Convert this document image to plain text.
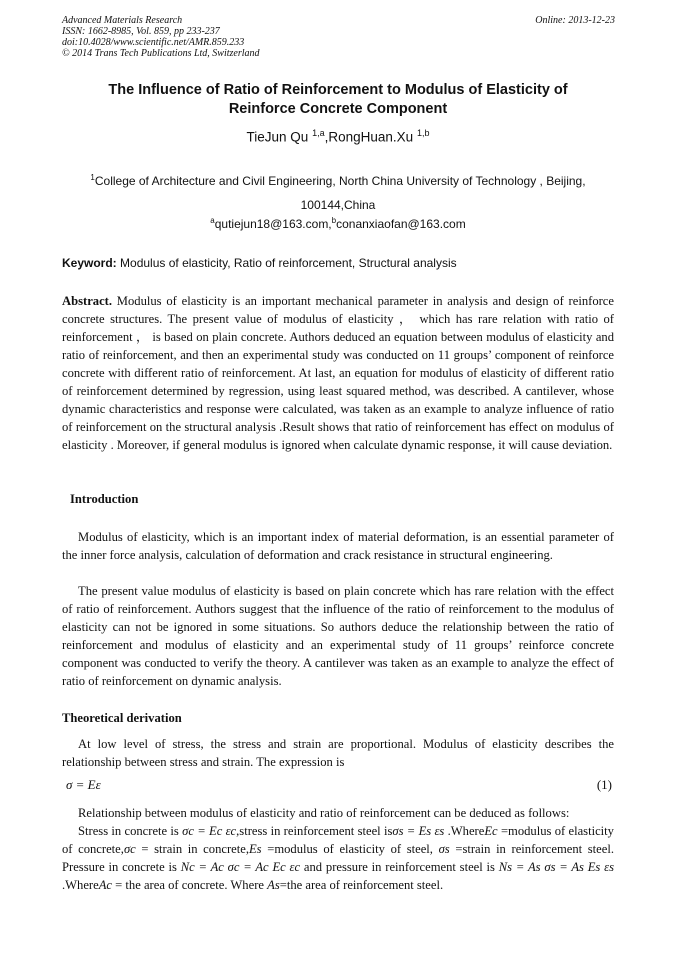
Advanced Materials Research
ISSN: 1662-8985, Vol. 859, pp 233-237
doi:10.4028/www.scientific.net/AMR.859.233
© 2014 Trans Tech Publications Ltd, Switzerland
Online: 2013-12-23
The Influence of Ratio of Reinforcement to Modulus of Elasticity of
Reinforce Concrete Component
TieJun Qu $^{1,a}$,RongHuan.Xu $^{1,b}$
$^1$College of Architecture and Civil Engineering, North China University of Technology , Beijing,
100144,China
$^a$qutiejun18@163.com,$^b$conanxiaofan@163.com
Keyword: Modulus of elasticity, Ratio of reinforcement, Structural analysis

Abstract. Modulus of elasticity is an important mechanical parameter in analysis and design of reinforce concrete structures. The present value of modulus of elasticity ， which has rare relation with ratio of reinforcement ， is based on plain concrete. Authors deduced an equation between modulus of elasticity and ratio of reinforcement, and then an experimental study was conducted on 11 groups’ component of reinforce concrete with different ratio of reinforcement. At last, an equation for modulus of elasticity of different ratio of reinforcement determined by regression, using least squared method, was described. A cantilever, whose dynamic characteristics and response were calculated, was taken as an example to analyze influence of ratio of reinforcement on the structural analysis .Result shows that ratio of reinforcement has effect on modulus of elasticity . Moreover, if general modulus is ignored when calculate dynamic response, it will cause deviation.

Introduction

Modulus of elasticity, which is an important index of material deformation, is an essential parameter of the inner force analysis, calculation of deformation and crack resistance in structural engineering.

The present value modulus of elasticity is based on plain concrete which has rare relation with the effect of ratio of reinforcement. Authors suggest that the influence of the ratio of reinforcement to the modulus of elasticity can not be ignored in some situations. So authors deduce the relationship between the ratio of reinforcement and modulus of elasticity and an experimental study of 11 groups’ reinforce concrete component was conducted to verify the theory. A cantilever was taken as an example to analyze the effect of ratio of reinforcement on dynamic analysis.

Theoretical derivation

At low level of stress, the stress and strain are proportional. Modulus of elasticity describes the relationship between stress and strain. The expression is

σ = Eε	(1)

Relationship between modulus of elasticity and ratio of reinforcement can be deduced as follows:

Stress in concrete is σc = Ec εc,stress in reinforcement steel isσs = Es εs .WhereEc =modulus of elasticity of concrete,σc = strain in concrete,Es =modulus of elasticity of steel, σs =strain in reinforcement steel. Pressure in concrete is Nc = Ac σc = Ac Ec εc and pressure in reinforcement steel is Ns = As σs = As Es εs .WhereAc = the area of concrete. Where As=the area of reinforcement steel.
